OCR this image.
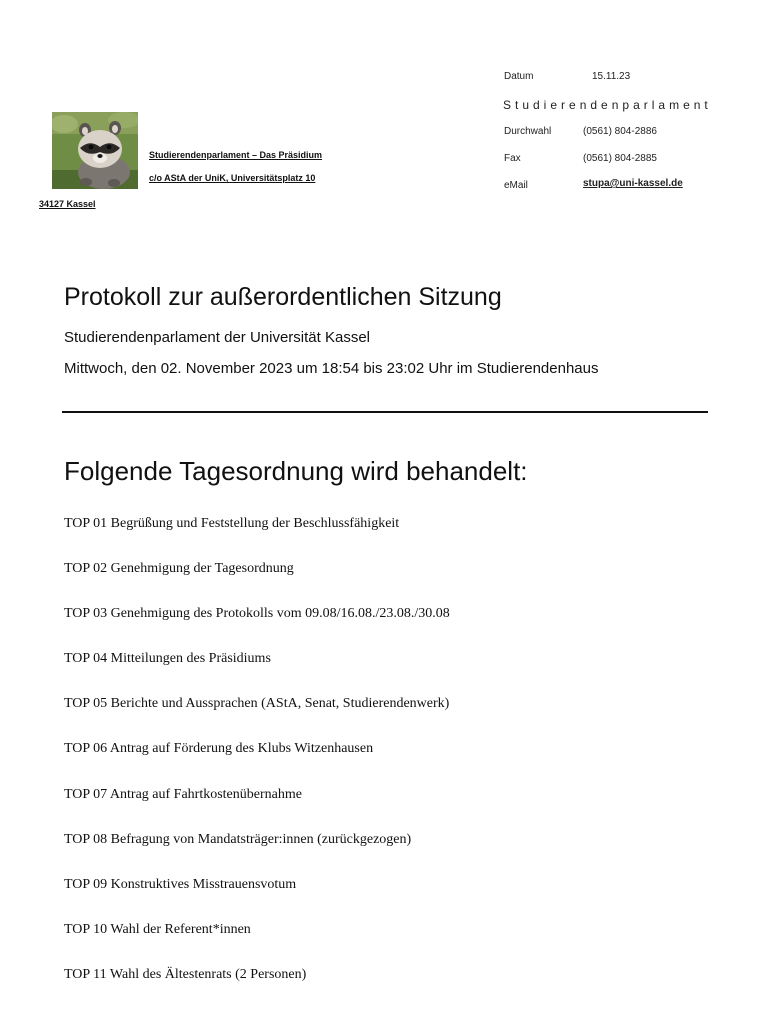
Datum	15.11.23
Studierendenparlament
Durchwahl	(0561) 804-2886
Fax	(0561) 804-2885
eMail	stupa@uni-kassel.de
Studierendenparlament – Das Präsidium
c/o AStA der UniK, Universitätsplatz 10
34127 Kassel
Protokoll zur außerordentlichen Sitzung
Studierendenparlament der Universität Kassel
Mittwoch, den 02. November 2023 um 18:54 bis 23:02 Uhr im Studierendenhaus
Folgende Tagesordnung wird behandelt:
TOP 01 Begrüßung und Feststellung der Beschlussfähigkeit
TOP 02 Genehmigung der Tagesordnung
TOP 03 Genehmigung des Protokolls vom 09.08/16.08./23.08./30.08
TOP 04 Mitteilungen des Präsidiums
TOP 05 Berichte und Aussprachen (AStA, Senat, Studierendenwerk)
TOP 06 Antrag auf Förderung des Klubs Witzenhausen
TOP 07 Antrag auf Fahrtkostenübernahme
TOP 08 Befragung von Mandatsträger:innen (zurückgezogen)
TOP 09 Konstruktives Misstrauensvotum
TOP 10 Wahl der Referent*innen
TOP 11 Wahl des Ältestenrats (2 Personen)
